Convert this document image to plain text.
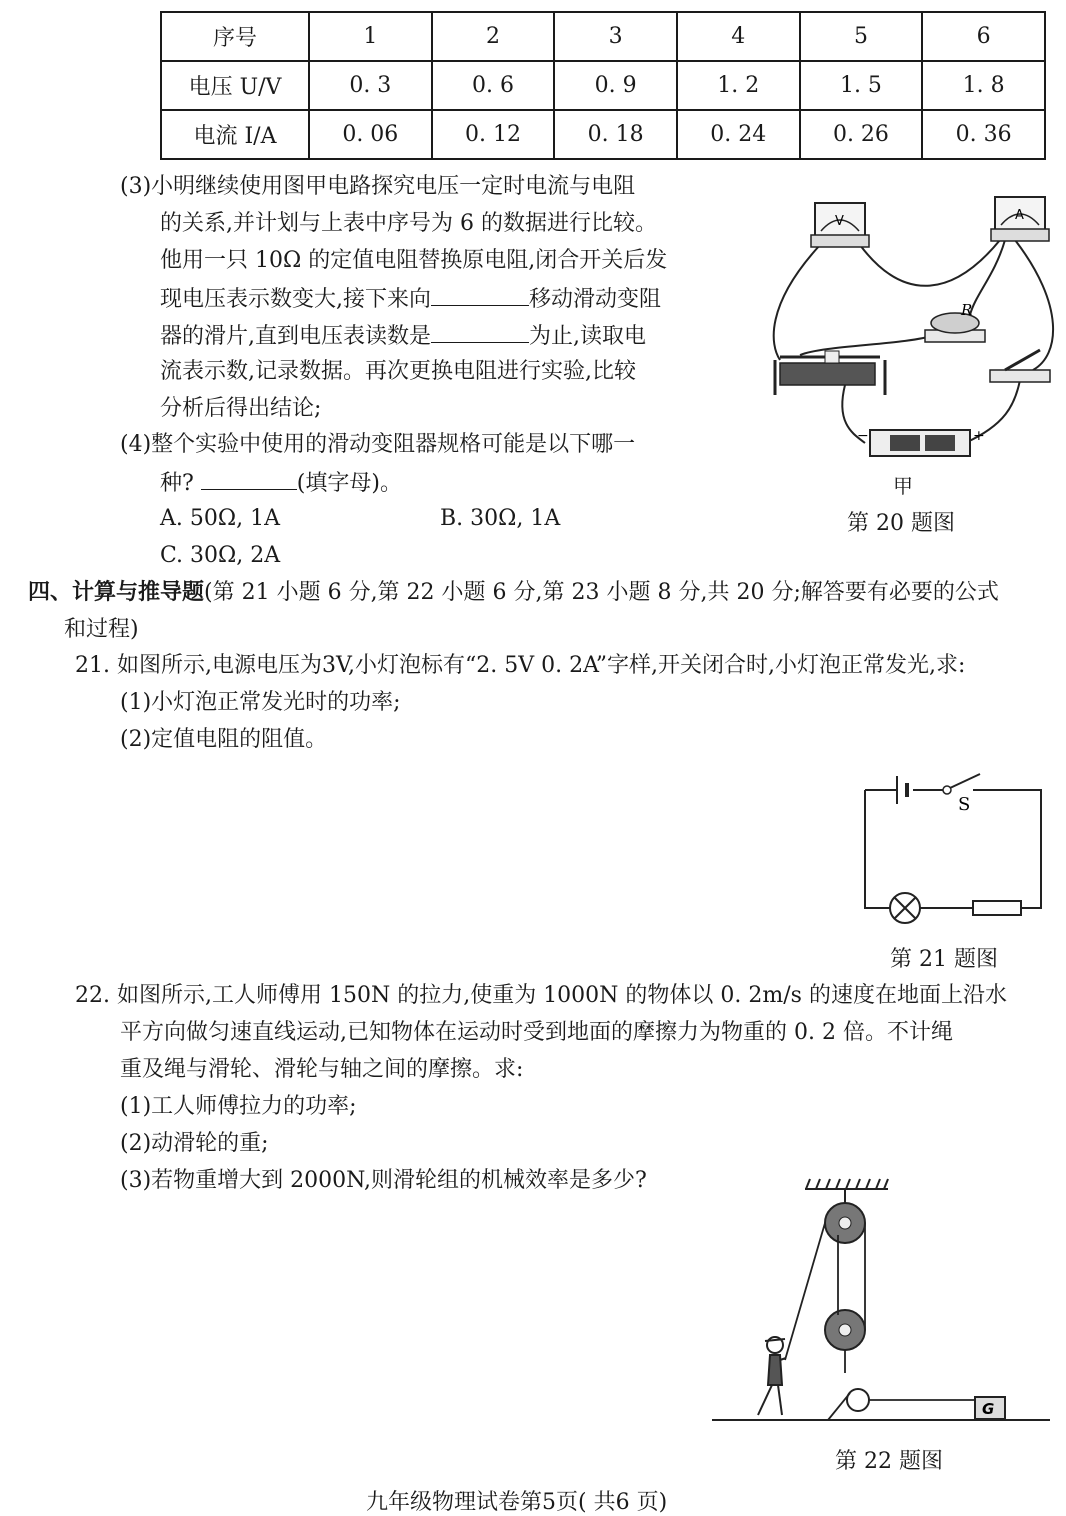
序号	1	2	3	4	5	6
电压 U/V	0. 3	0. 6	0. 9	1. 2	1. 5	1. 8
电流 I/A	0. 06	0. 12	0. 18	0. 24	0. 26	0. 36
(3)小明继续使用图甲电路探究电压一定时电流与电阻
的关系,并计划与上表中序号为 6 的数据进行比较。
他用一只 10Ω 的定值电阻替换原电阻,闭合开关后发
现电压表示数变大,接下来向	移动滑动变阻
器的滑片,直到电压表读数是	为止,读取电
流表示数,记录数据。再次更换电阻进行实验,比较
分析后得出结论;
(4)整个实验中使用的滑动变阻器规格可能是以下哪一
种?	(填字母)。
A. 50Ω, 1A	B. 30Ω, 1A
C. 30Ω, 2A
V	A
R
−	+
甲
第 20 题图
四、计算与推导题(第 21 小题 6 分,第 22 小题 6 分,第 23 小题 8 分,共 20 分;解答要有必要的公式
和过程)
21. 如图所示,电源电压为3V,小灯泡标有“2. 5V 0. 2A”字样,开关闭合时,小灯泡正常发光,求:
(1)小灯泡正常发光时的功率;
(2)定值电阻的阻值。
S
第 21 题图
22. 如图所示,工人师傅用 150N 的拉力,使重为 1000N 的物体以 0. 2m/s 的速度在地面上沿水
平方向做匀速直线运动,已知物体在运动时受到地面的摩擦力为物重的 0. 2 倍。不计绳
重及绳与滑轮、滑轮与轴之间的摩擦。求:
(1)工人师傅拉力的功率;
(2)动滑轮的重;
(3)若物重增大到 2000N,则滑轮组的机械效率是多少?
G
第 22 题图
九年级物理试卷第5页( 共6 页)
